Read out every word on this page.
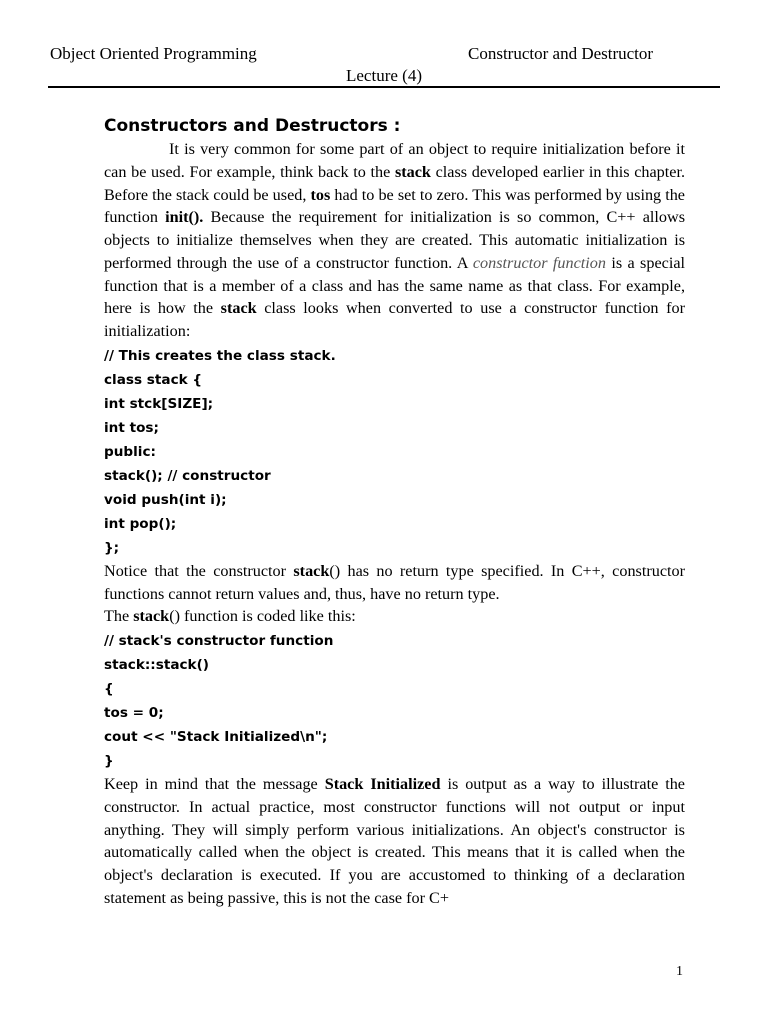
Object Oriented Programming	Constructor and Destructor
Lecture (4)
Constructors and Destructors :

It is very common for some part of an object to require initialization before it can be used. For example, think back to the stack class developed earlier in this chapter. Before the stack could be used, tos had to be set to zero. This was performed by using the function init(). Because the requirement for initialization is so common, C++ allows objects to initialize themselves when they are created. This automatic initialization is performed through the use of a constructor function. A constructor function is a special function that is a member of a class and has the same name as that class. For example, here is how the stack class looks when converted to use a constructor function for initialization:

// This creates the class stack.
class stack {
int stck[SIZE];
int tos;
public:
stack(); // constructor
void push(int i);
int pop();
};

Notice that the constructor stack() has no return type specified. In C++, constructor functions cannot return values and, thus, have no return type.

The stack() function is coded like this:

// stack's constructor function
stack::stack()
{
tos = 0;
cout << "Stack Initialized\n";
}

Keep in mind that the message Stack Initialized is output as a way to illustrate the constructor. In actual practice, most constructor functions will not output or input anything. They will simply perform various initializations. An object's constructor is automatically called when the object is created. This means that it is called when the object's declaration is executed. If you are accustomed to thinking of a declaration statement as being passive, this is not the case for C+

1
